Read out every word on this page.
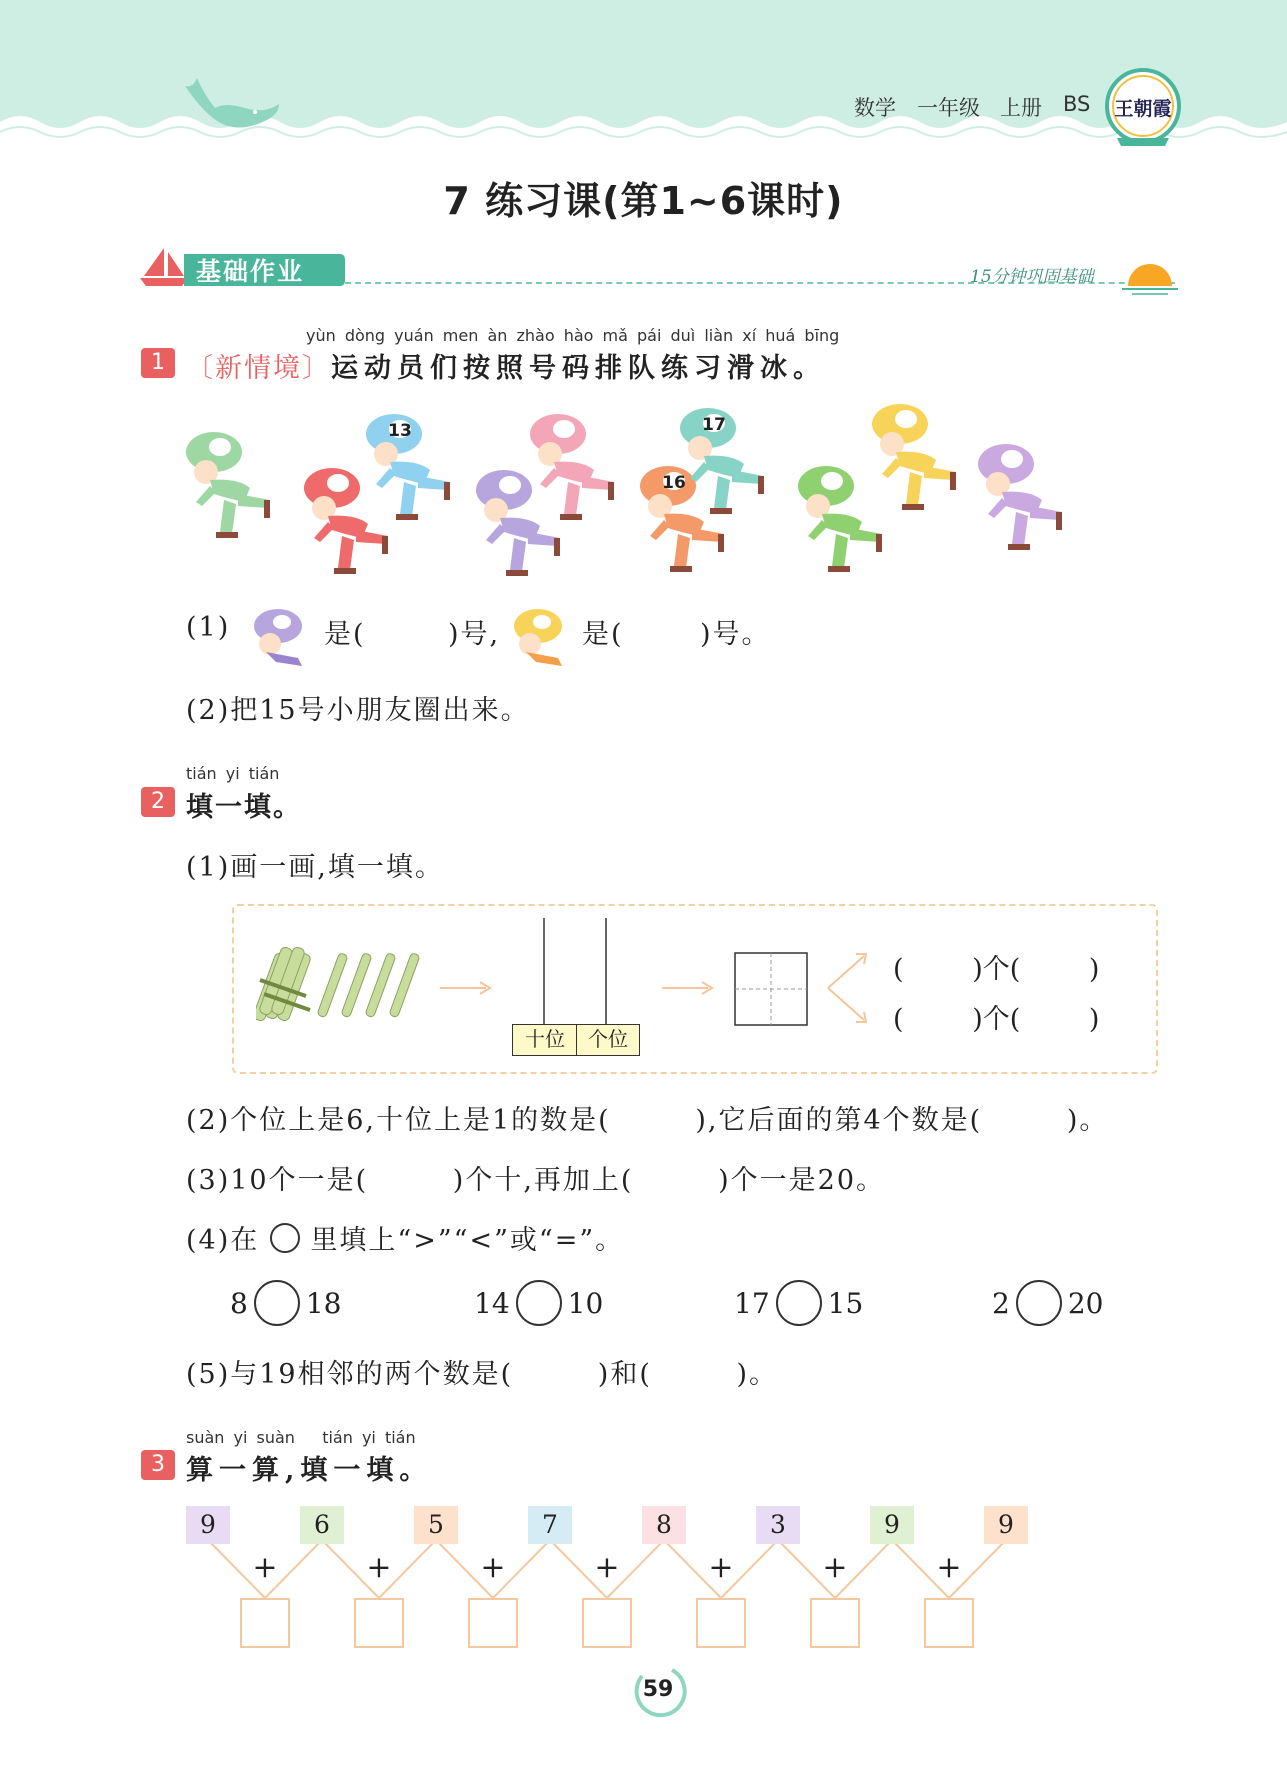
数学 一年级 上册 BS 王朝霞
7 练习课(第1~6课时)
基础作业	15分钟巩固基础
yùn dòng yuán men àn zhào hào mǎ pái duì liàn xí huá bīng
1 〔新情境〕运动员们按照号码排队练习滑冰。
13
16
17
(1)	是(	)号,	是(	)号。
(2)把15号小朋友圈出来。
tián yi tián
2 填一填。
(1)画一画,填一填。
十位	个位
(        )个(        )
(        )个(        )
(2)个位上是6,十位上是1的数是(        ),它后面的第4个数是(        )。
(3)10个一是(        )个十,再加上(        )个一是20。
(4)在 里填上“>”“<”或“=”。
8 18	14 10	17 15	2 20
(5)与19相邻的两个数是(        )和(        )。
suàn yi suàn   tián yi tián
3 算一算,填一填。
9	6	5	7	8	3	9	9
+	+	+	+	+	+	+
59
